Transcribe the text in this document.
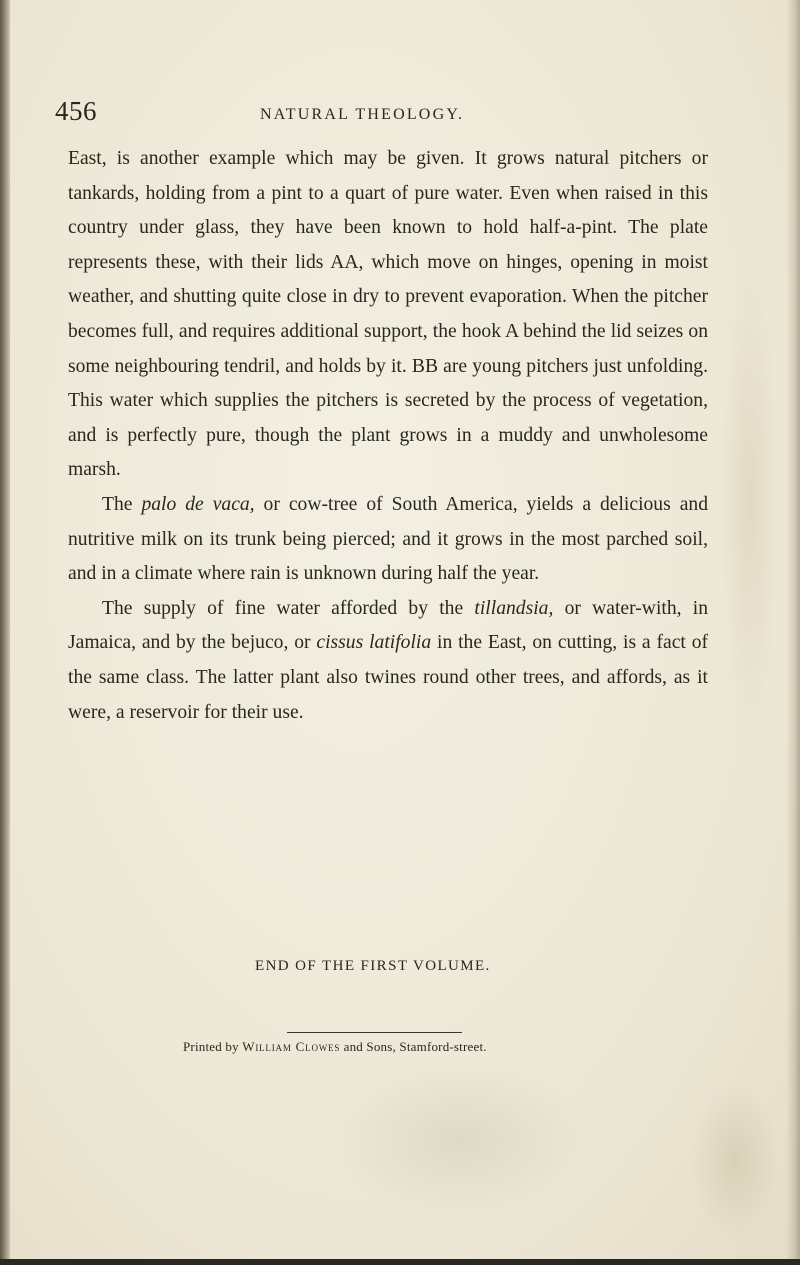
456	NATURAL THEOLOGY.

East, is another example which may be given. It grows natural pitchers or tankards, holding from a pint to a quart of pure water. Even when raised in this country under glass, they have been known to hold half-a-pint. The plate represents these, with their lids AA, which move on hinges, opening in moist weather, and shutting quite close in dry to prevent evaporation. When the pitcher becomes full, and requires additional support, the hook A behind the lid seizes on some neighbouring tendril, and holds by it. BB are young pitchers just unfolding. This water which supplies the pitchers is secreted by the process of vegetation, and is perfectly pure, though the plant grows in a muddy and unwholesome marsh.

The palo de vaca, or cow-tree of South America, yields a delicious and nutritive milk on its trunk being pierced; and it grows in the most parched soil, and in a climate where rain is unknown during half the year.

The supply of fine water afforded by the tillandsia, or water-with, in Jamaica, and by the bejuco, or cissus latifolia in the East, on cutting, is a fact of the same class. The latter plant also twines round other trees, and affords, as it were, a reservoir for their use.

END OF THE FIRST VOLUME.
Printed by William Clowes and Sons, Stamford-street.
